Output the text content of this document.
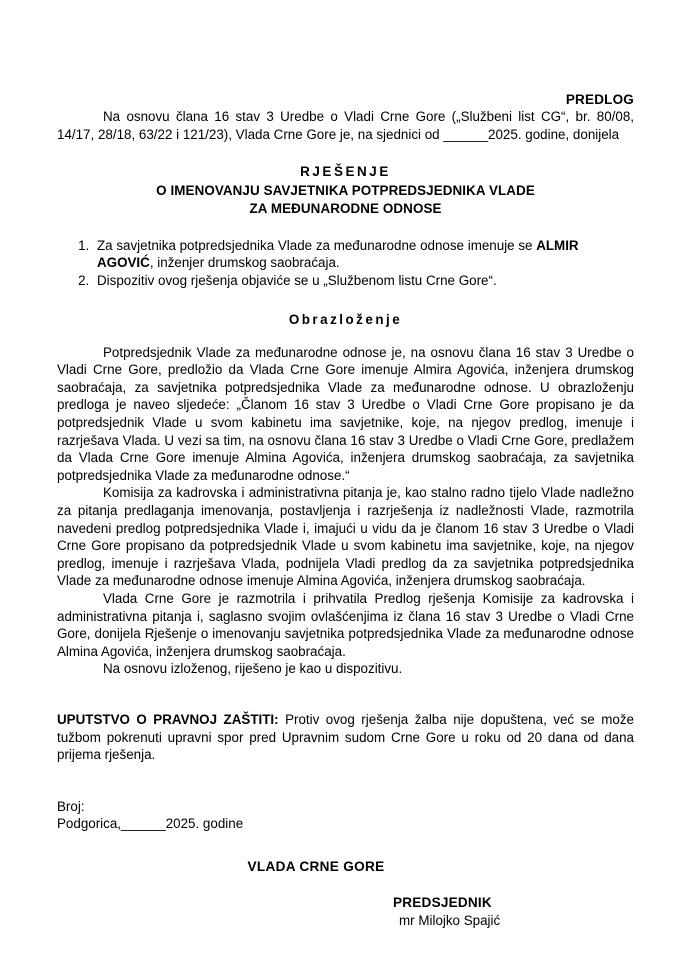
PREDLOG

Na osnovu člana 16 stav 3 Uredbe o Vladi Crne Gore („Službeni list CG“, br. 80/08, 14/17, 28/18, 63/22 i 121/23), Vlada Crne Gore je, na sjednici od ______2025. godine, donijela

RJEŠENJE
O IMENOVANJU SAVJETNIKA POTPREDSJEDNIKA VLADE
ZA MEĐUNARODNE ODNOSE
1. Za savjetnika potpredsjednika Vlade za međunarodne odnose imenuje se ALMIR AGOVIĆ, inženjer drumskog saobraćaja.
2. Dispozitiv ovog rješenja objaviće se u „Službenom listu Crne Gore“.
Obrazloženje

Potpredsjednik Vlade za međunarodne odnose je, na osnovu člana 16 stav 3 Uredbe o Vladi Crne Gore, predložio da Vlada Crne Gore imenuje Almira Agovića, inženjera drumskog saobraćaja, za savjetnika potpredsjednika Vlade za međunarodne odnose. U obrazloženju predloga je naveo sljedeće: „Članom 16 stav 3 Uredbe o Vladi Crne Gore propisano je da potpredsjednik Vlade u svom kabinetu ima savjetnike, koje, na njegov predlog, imenuje i razrješava Vlada. U vezi sa tim, na osnovu člana 16 stav 3 Uredbe o Vladi Crne Gore, predlažem da Vlada Crne Gore imenuje Almina Agovića, inženjera drumskog saobraćaja, za savjetnika potpredsjednika Vlade za međunarodne odnose.“

Komisija za kadrovska i administrativna pitanja je, kao stalno radno tijelo Vlade nadležno za pitanja predlaganja imenovanja, postavljenja i razrješenja iz nadležnosti Vlade, razmotrila navedeni predlog potpredsjednika Vlade i, imajući u vidu da je članom 16 stav 3 Uredbe o Vladi Crne Gore propisano da potpredsjednik Vlade u svom kabinetu ima savjetnike, koje, na njegov predlog, imenuje i razrješava Vlada, podnijela Vladi predlog da za savjetnika potpredsjednika Vlade za međunarodne odnose imenuje Almina Agovića, inženjera drumskog saobraćaja.

Vlada Crne Gore je razmotrila i prihvatila Predlog rješenja Komisije za kadrovska i administrativna pitanja i, saglasno svojim ovlašćenjima iz člana 16 stav 3 Uredbe o Vladi Crne Gore, donijela Rješenje o imenovanju savjetnika potpredsjednika Vlade za međunarodne odnose Almina Agovića, inženjera drumskog saobraćaja.

Na osnovu izloženog, riješeno je kao u dispozitivu.

UPUTSTVO O PRAVNOJ ZAŠTITI: Protiv ovog rješenja žalba nije dopuštena, već se može tužbom pokrenuti upravni spor pred Upravnim sudom Crne Gore u roku od 20 dana od dana prijema rješenja.

Broj:
Podgorica,______2025. godine
VLADA CRNE GORE
PREDSJEDNIK
mr Milojko Spajić
